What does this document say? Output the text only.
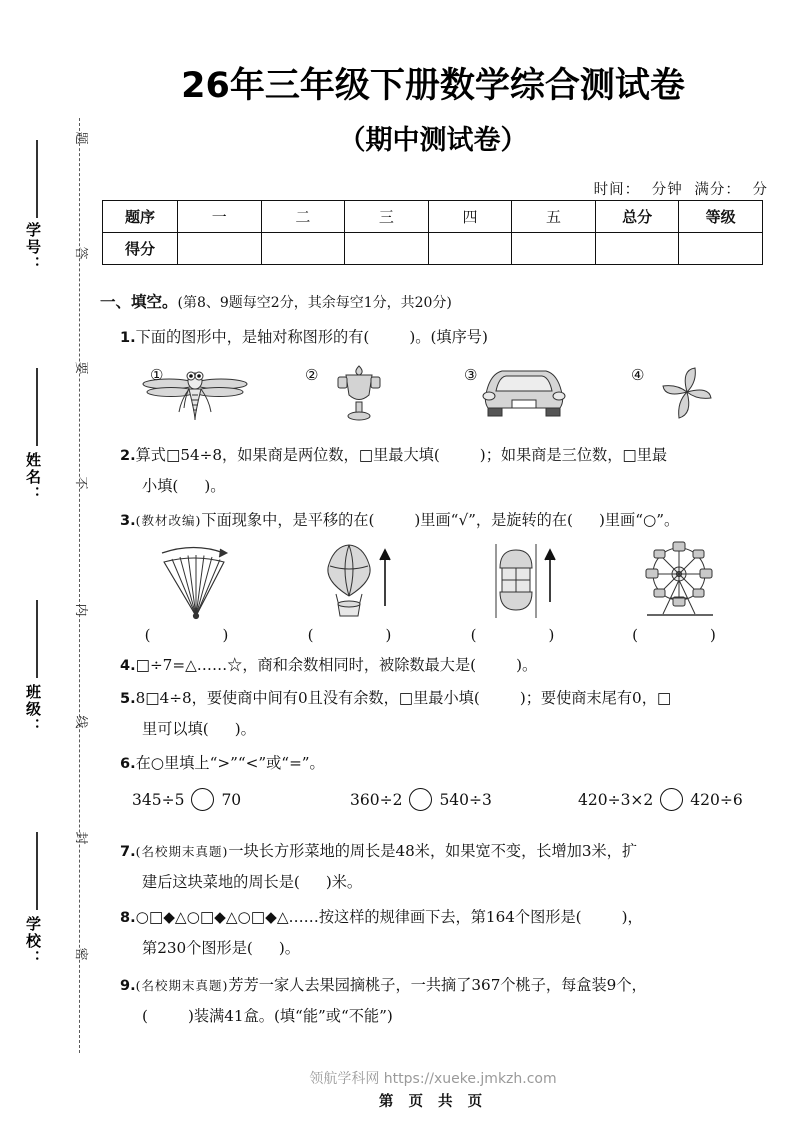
题
答
要
不
内
线
封
密
学号：
姓名：
班级：
学校：
26年三年级下册数学综合测试卷
（期中测试卷）
时间： 分钟 满分： 分
题序	一	二	三	四	五	总分	等级
得分							
一、填空。(第8、9题每空2分，其余每空1分，共20分)
1.下面的图形中，是轴对称图形的有(	)。(填序号)
①	②	③	④
2.算式□54÷8，如果商是两位数，□里最大填(	)；如果商是三位数，□里最
小填( )。
3.(教材改编)下面现象中，是平移的在(	)里画“√”，是旋转的在( )里画“○”。
(　　)	(　　)	(　　)	(　　)
4.□÷7=△……☆，商和余数相同时，被除数最大是(	)。
5.8□4÷8，要使商中间有0且没有余数，□里最小填(	)；要使商末尾有0，□
里可以填( )。
6.在○里填上“>”“<”或“=”。
345÷5 70	360÷2 540÷3	420÷3×2 420÷6
7.(名校期末真题)一块长方形菜地的周长是48米，如果宽不变，长增加3米，扩
建后这块菜地的周长是( )米。
8.○□◆△○□◆△○□◆△……按这样的规律画下去，第164个图形是(	)，
第230个图形是( )。
9.(名校期末真题)芳芳一家人去果园摘桃子，一共摘了367个桃子，每盒装9个，
(	)装满41盒。(填“能”或“不能”)
领航学科网 https://xueke.jmkzh.com
第 页 共 页
